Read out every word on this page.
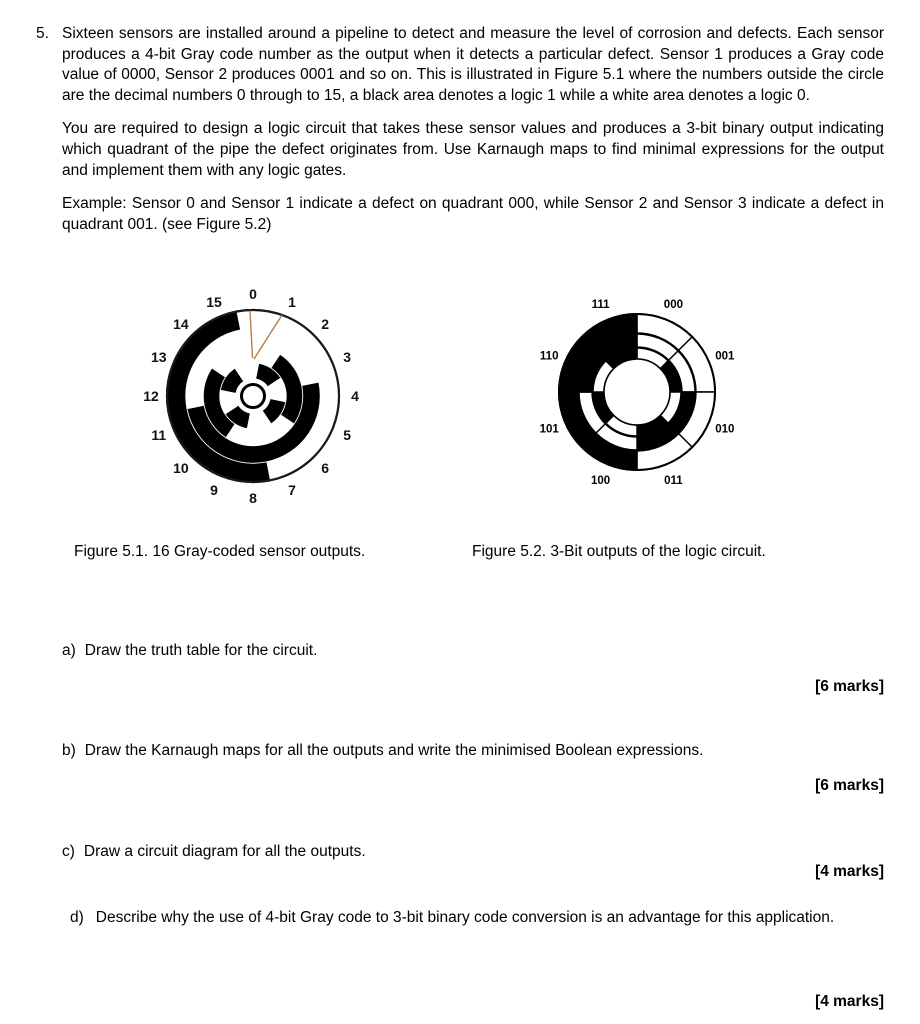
5. Sixteen sensors are installed around a pipeline to detect and measure the level of corrosion and defects. Each sensor produces a 4-bit Gray code number as the output when it detects a particular defect. Sensor 1 produces a Gray code value of 0000, Sensor 2 produces 0001 and so on. This is illustrated in Figure 5.1 where the numbers outside the circle are the decimal numbers 0 through to 15, a black area denotes a logic 1 while a white area denotes a logic 0.

You are required to design a logic circuit that takes these sensor values and produces a 3-bit binary output indicating which quadrant of the pipe the defect originates from. Use Karnaugh maps to find minimal expressions for the output and implement them with any logic gates.

Example: Sensor 0 and Sensor 1 indicate a defect on quadrant 000, while Sensor 2 and Sensor 3 indicate a defect in quadrant 001. (see Figure 5.2)

0 1
2
3
4
5
6
7
8
9
10
11
12
13
14
15	000
001
010
011
100
101
110
111
Figure 5.1. 16 Gray-coded sensor outputs.	Figure 5.2. 3-Bit outputs of the logic circuit.
a) Draw the truth table for the circuit.
[6 marks]
b) Draw the Karnaugh maps for all the outputs and write the minimised Boolean expressions.
[6 marks]
c) Draw a circuit diagram for all the outputs.
[4 marks]
d) Describe why the use of 4-bit Gray code to 3-bit binary code conversion is an advantage for this application.
[4 marks]
